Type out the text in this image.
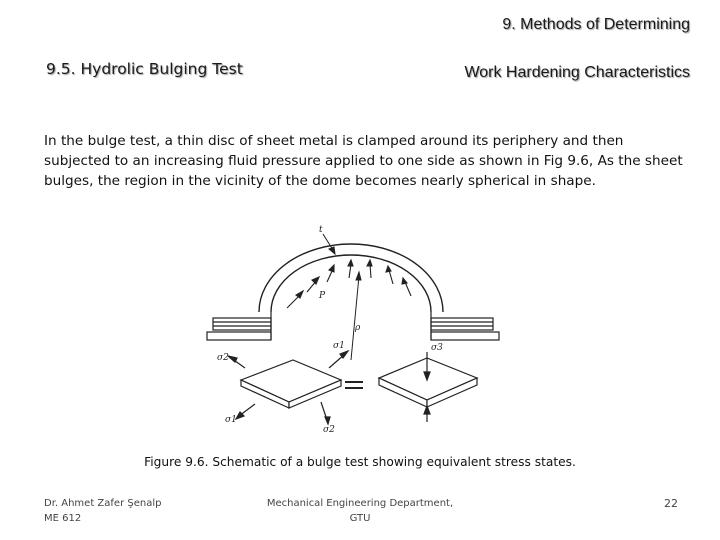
9. Methods of Determining
Work Hardening Characteristics
9.5. Hydrolic Bulging Test
In the bulge test, a thin disc of sheet metal is clamped around its periphery and then subjected to an increasing fluid pressure applied to one side as shown in Fig 9.6, As the sheet bulges, the region in the vicinity of the dome becomes nearly spherical in shape.
t
P
ρ
σ2
σ1
σ2
σ1	σ3
Figure 9.6. Schematic of a bulge test showing equivalent stress states.
Dr. Ahmet Zafer Şenalp
ME 612
Mechanical Engineering Department,
GTU
22
